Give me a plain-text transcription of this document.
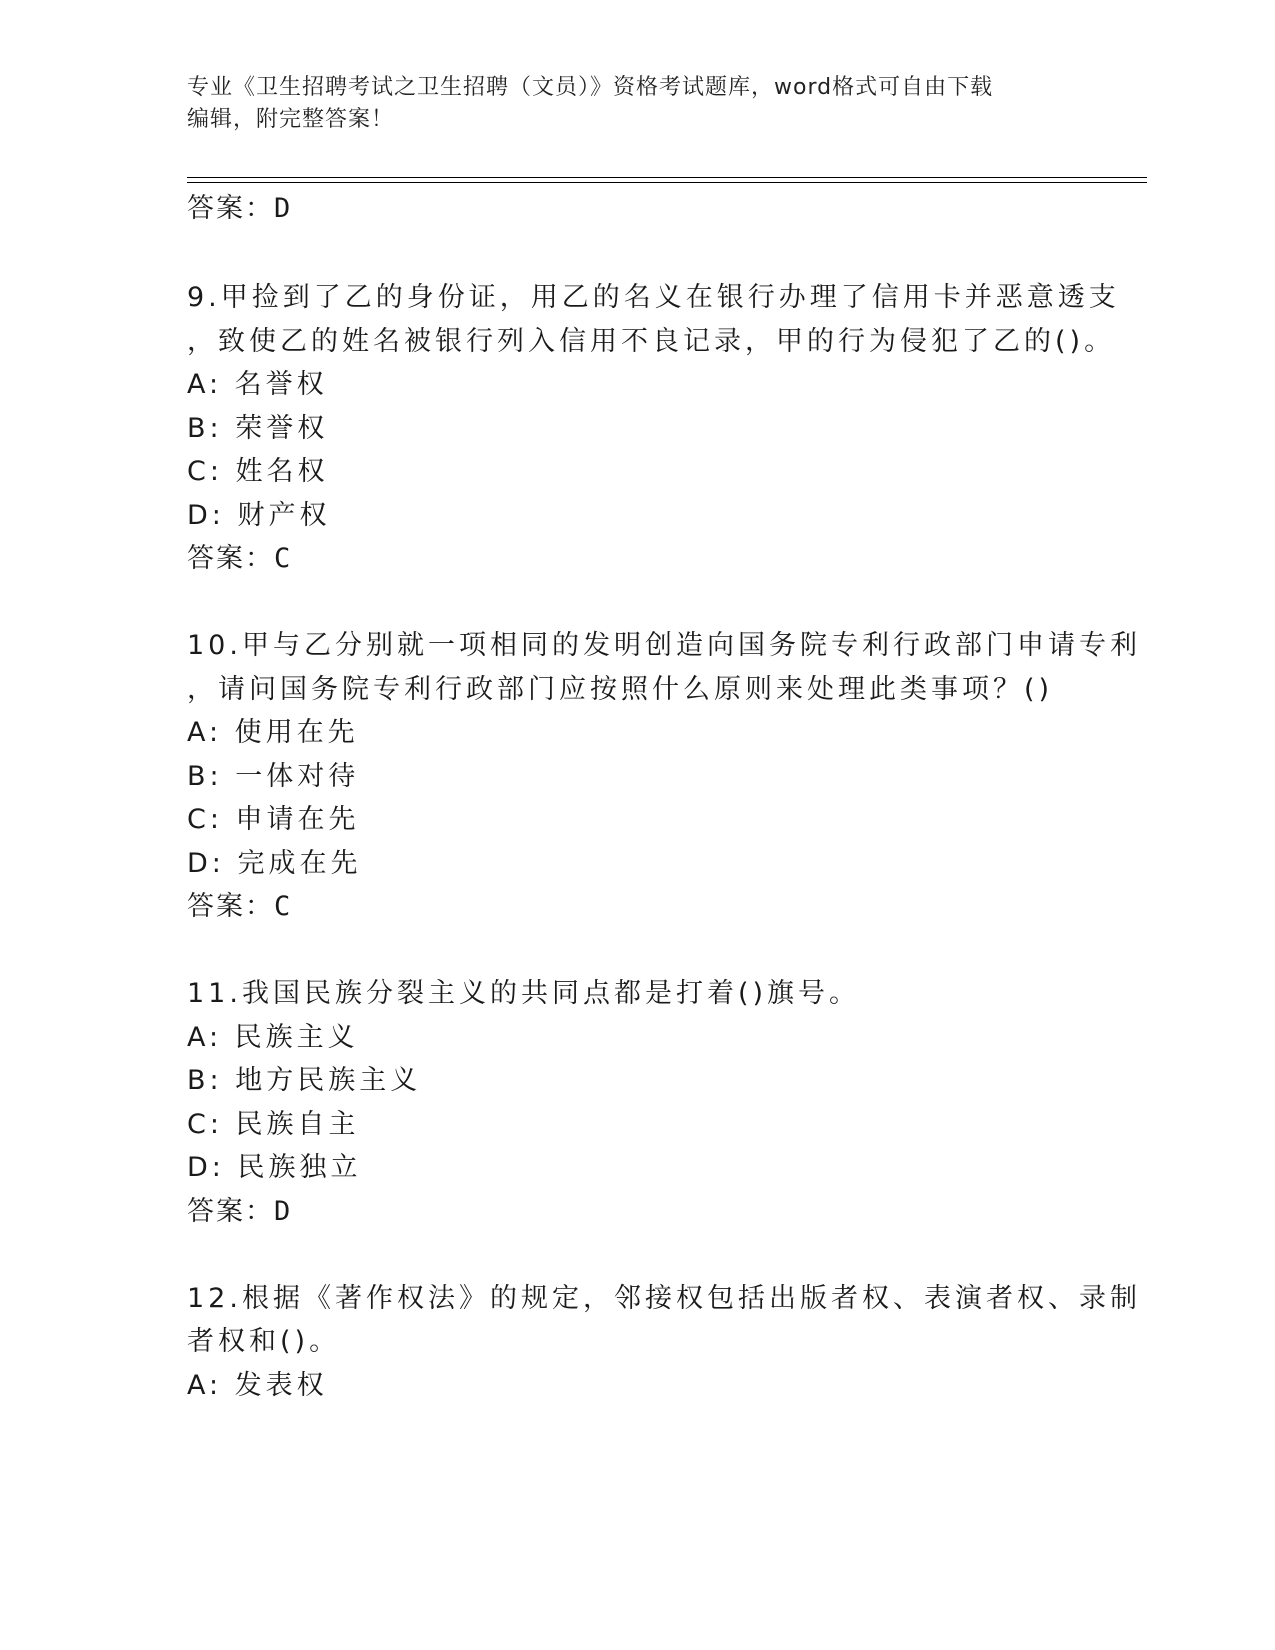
专业《卫生招聘考试之卫生招聘（文员）》资格考试题库，word格式可自由下载
编辑，附完整答案！
答案：D
9.甲捡到了乙的身份证，用乙的名义在银行办理了信用卡并恶意透支
，致使乙的姓名被银行列入信用不良记录，甲的行为侵犯了乙的()。
A: 名誉权
B: 荣誉权
C: 姓名权
D: 财产权
答案：C
10.甲与乙分别就一项相同的发明创造向国务院专利行政部门申请专利
，请问国务院专利行政部门应按照什么原则来处理此类事项？()
A: 使用在先
B: 一体对待
C: 申请在先
D: 完成在先
答案：C
11.我国民族分裂主义的共同点都是打着()旗号。
A: 民族主义
B: 地方民族主义
C: 民族自主
D: 民族独立
答案：D
12.根据《著作权法》的规定，邻接权包括出版者权、表演者权、录制
者权和()。
A: 发表权
